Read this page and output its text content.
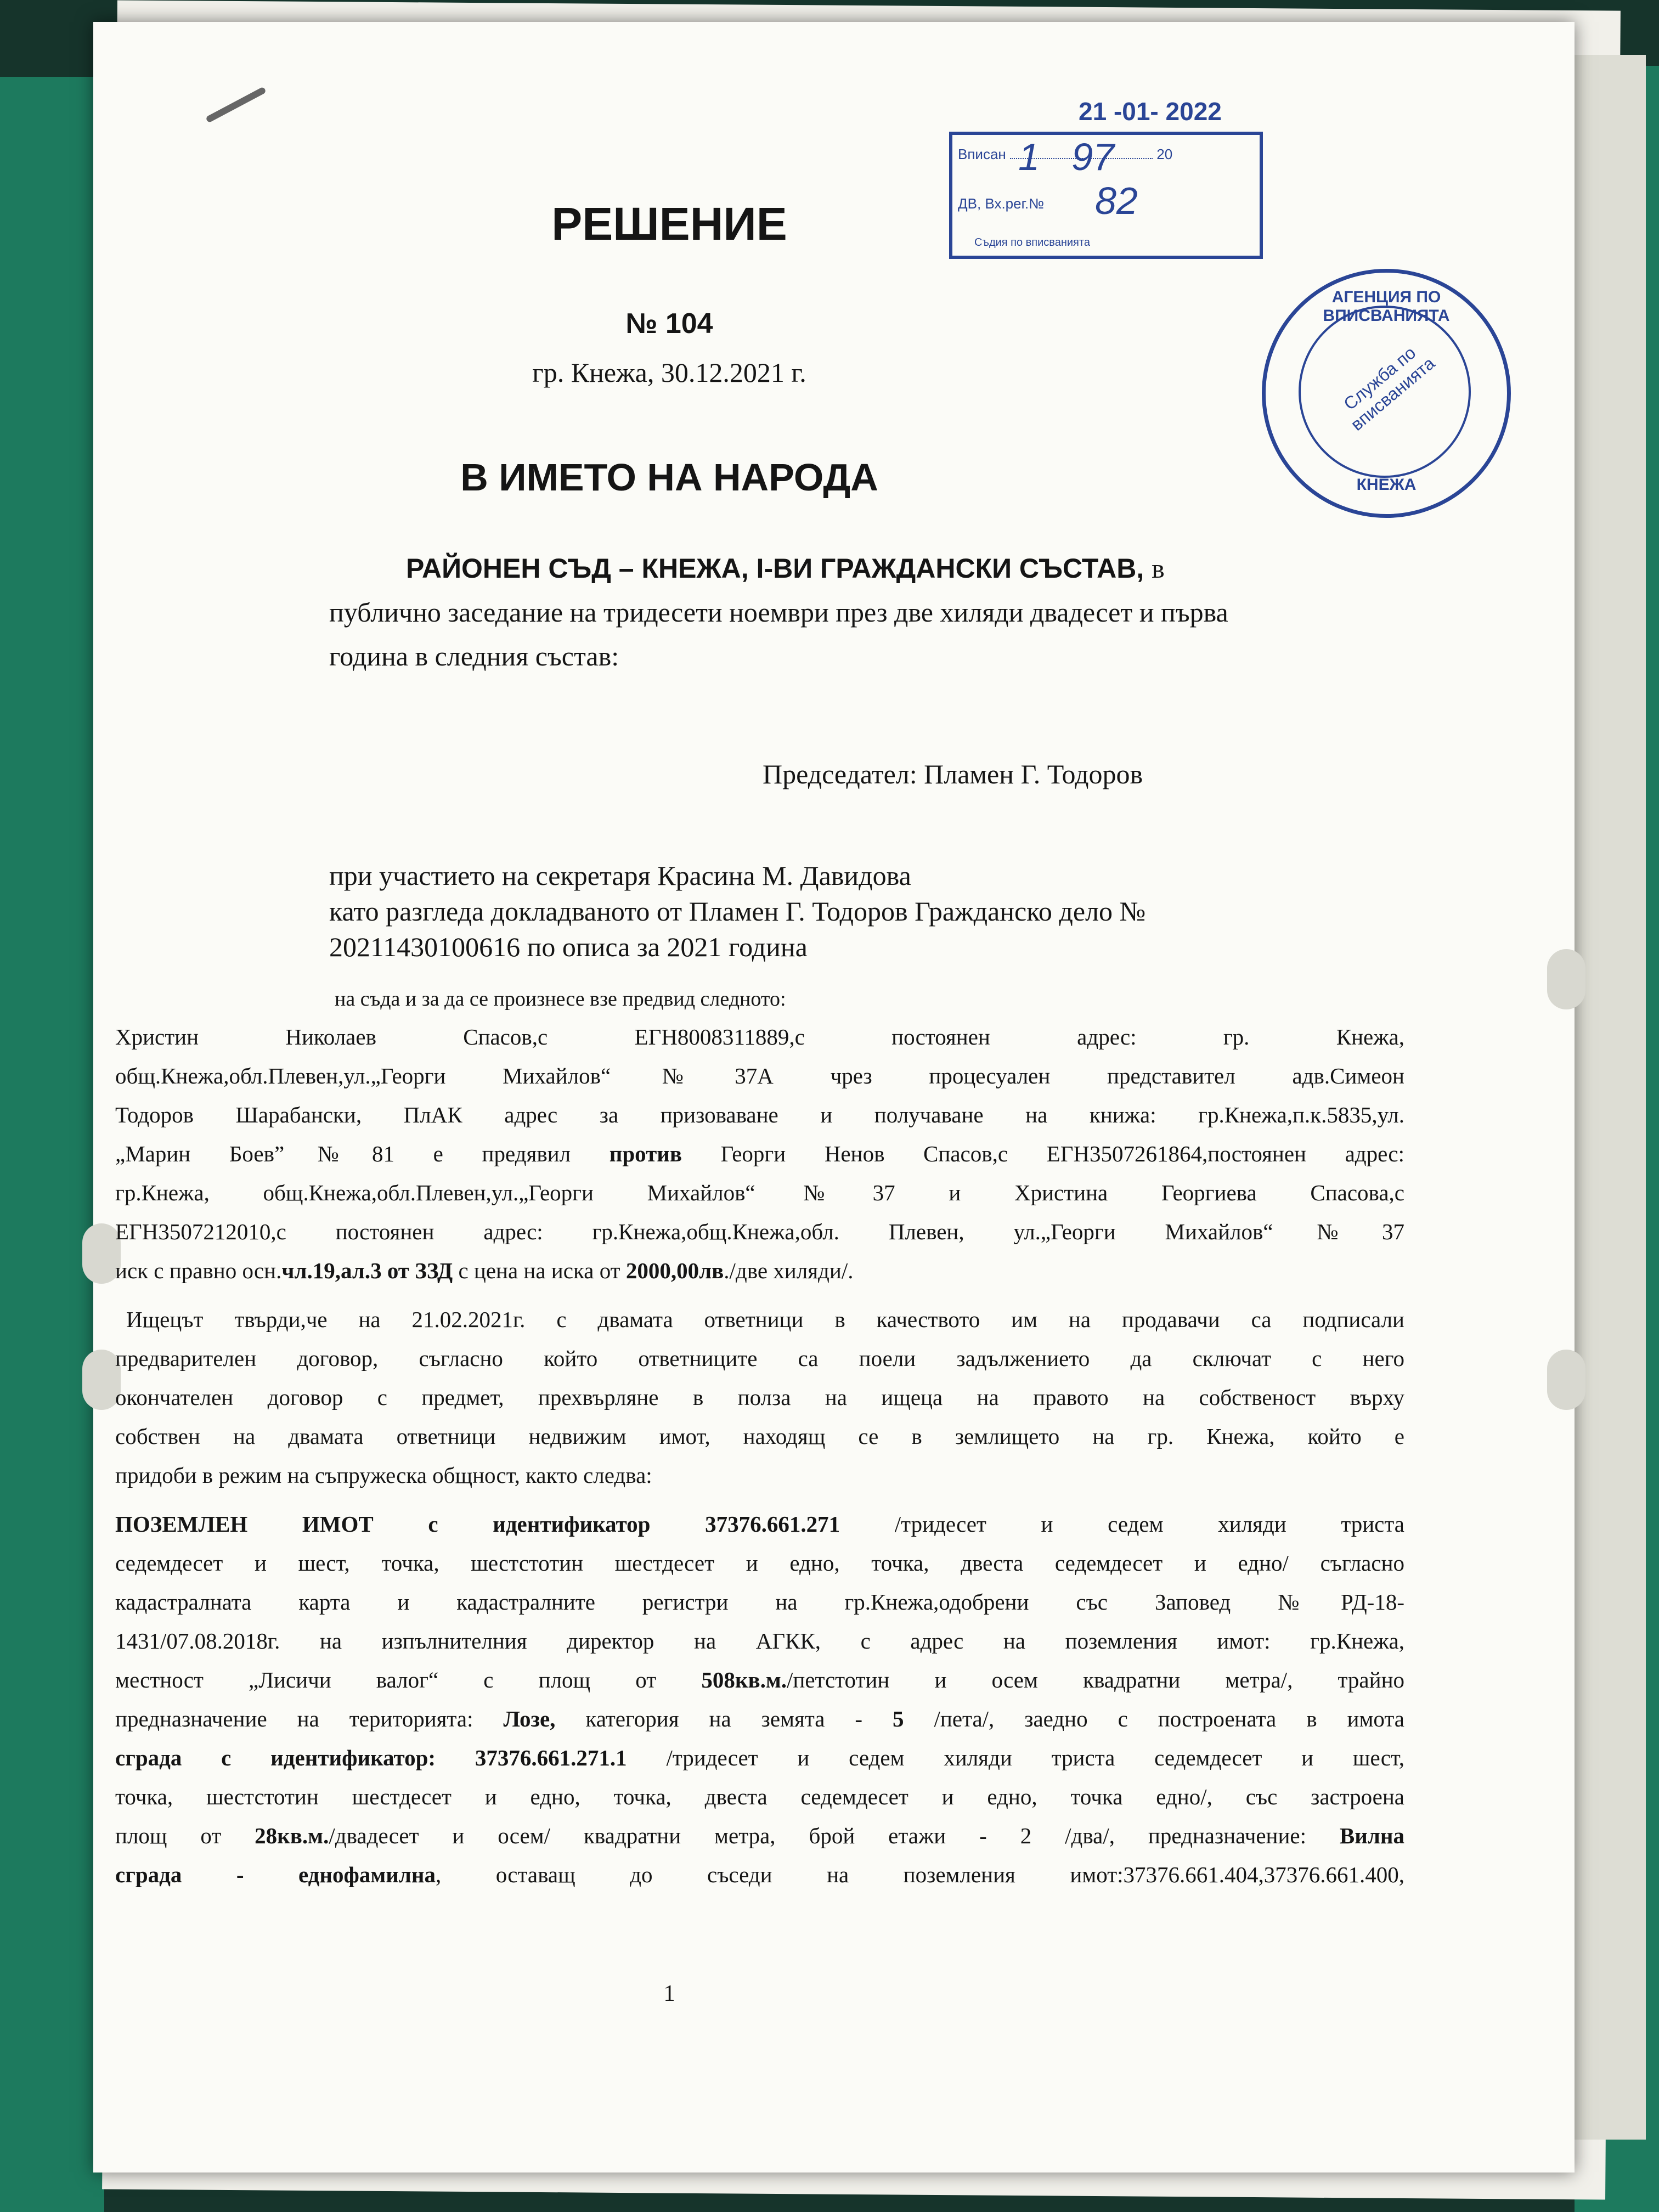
РЕШЕНИЕ
№ 104
гр. Кнежа, 30.12.2021 г.
В ИМЕТО НА НАРОДА
21 -01- 2022
Вписан	20
ДВ, Вх.рег.№
Съдия по вписванията
1   97
82
АГЕНЦИЯ ПО ВПИСВАНИЯТА
Служба по вписванията
КНЕЖА
РАЙОНЕН СЪД – КНЕЖА, I-ВИ ГРАЖДАНСКИ СЪСТАВ, в
публично заседание на тридесети ноември през две хиляди двадесет и първа
година в следния състав:
Председател: Пламен Г. Тодоров
при участието на секретаря Красина М. Давидова
като разгледа докладваното от Пламен Г. Тодоров Гражданско дело №
20211430100616 по описа за 2021 година
на съда и за да се произнесе взе предвид следното:
Христин Николаев Спасов,с ЕГН8008311889,с постоянен адрес: гр. Кнежа,
общ.Кнежа,обл.Плевен,ул.„Георги Михайлов“№37А чрез процесуален представител адв.Симеон
Тодоров Шарабански, ПлАК адрес за призоваване и получаване на книжа: гр.Кнежа,п.к.5835,ул.
„Марин Боев”№81 е предявил против Георги Ненов Спасов,с ЕГН3507261864,постоянен адрес:
гр.Кнежа, общ.Кнежа,обл.Плевен,ул.„Георги Михайлов“№37 и Христина Георгиева Спасова,с
ЕГН3507212010,с постоянен адрес: гр.Кнежа,общ.Кнежа,обл. Плевен, ул.„Георги Михайлов“№37
иск с правно осн.чл.19,ал.3 от ЗЗД с цена на иска от 2000,00лв./две хиляди/.
Ищецът твърди,че на 21.02.2021г. с двамата ответници в качеството им на продавачи са подписали
предварителен договор, съгласно който ответниците са поели задължението да сключат с него
окончателен договор с предмет, прехвърляне в полза на ищеца на правото на собственост върху
собствен на двамата ответници недвижим имот, находящ се в землището на гр. Кнежа, който е
придоби в режим на съпружеска общност, както следва:
ПОЗЕМЛЕН ИМОТ с идентификатор 37376.661.271 /тридесет и седем хиляди триста
седемдесет и шест, точка, шестстотин шестдесет и едно, точка, двеста седемдесет и едно/ съгласно
кадастралната карта и кадастралните регистри на гр.Кнежа,одобрени със Заповед №РД-18-
1431/07.08.2018г. на изпълнителния директор на АГКК, с адрес на поземления имот: гр.Кнежа,
местност „Лисичи валог“ с площ от 508кв.м./петстотин и осем квадратни метра/, трайно
предназначение на територията: Лозе, категория на земята - 5 /пета/, заедно с построената в имота
сграда с идентификатор: 37376.661.271.1 /тридесет и седем хиляди триста седемдесет и шест,
точка, шестстотин шестдесет и едно, точка, двеста седемдесет и едно, точка едно/, със застроена
площ от 28кв.м./двадесет и осем/ квадратни метра, брой етажи - 2 /два/, предназначение: Вилна
сграда - еднофамилна, оставащ до съседи на поземления имот:37376.661.404,37376.661.400,
1
